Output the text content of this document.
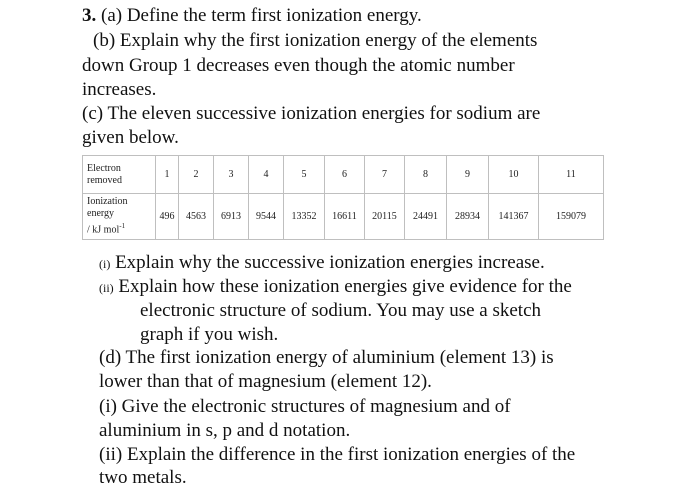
3. (a) Define the term first ionization energy.
(b) Explain why the first ionization energy of the elements
down Group 1 decreases even though the atomic number
increases.
(c) The eleven successive ionization energies for sodium are
given below.
Electron
removed	1	2	3	4	5	6	7	8	9	10	11
Ionization
energy
/ kJ mol$^{-1}$	496	4563	6913	9544	13352	16611	20115	24491	28934	141367	159079
(i) Explain why the successive ionization energies increase.
(ii) Explain how these ionization energies give evidence for the
electronic structure of sodium. You may use a sketch
graph if you wish.
(d) The first ionization energy of aluminium (element 13) is
lower than that of magnesium (element 12).
(i) Give the electronic structures of magnesium and of
aluminium in s, p and d notation.
(ii) Explain the difference in the first ionization energies of the
two metals.
